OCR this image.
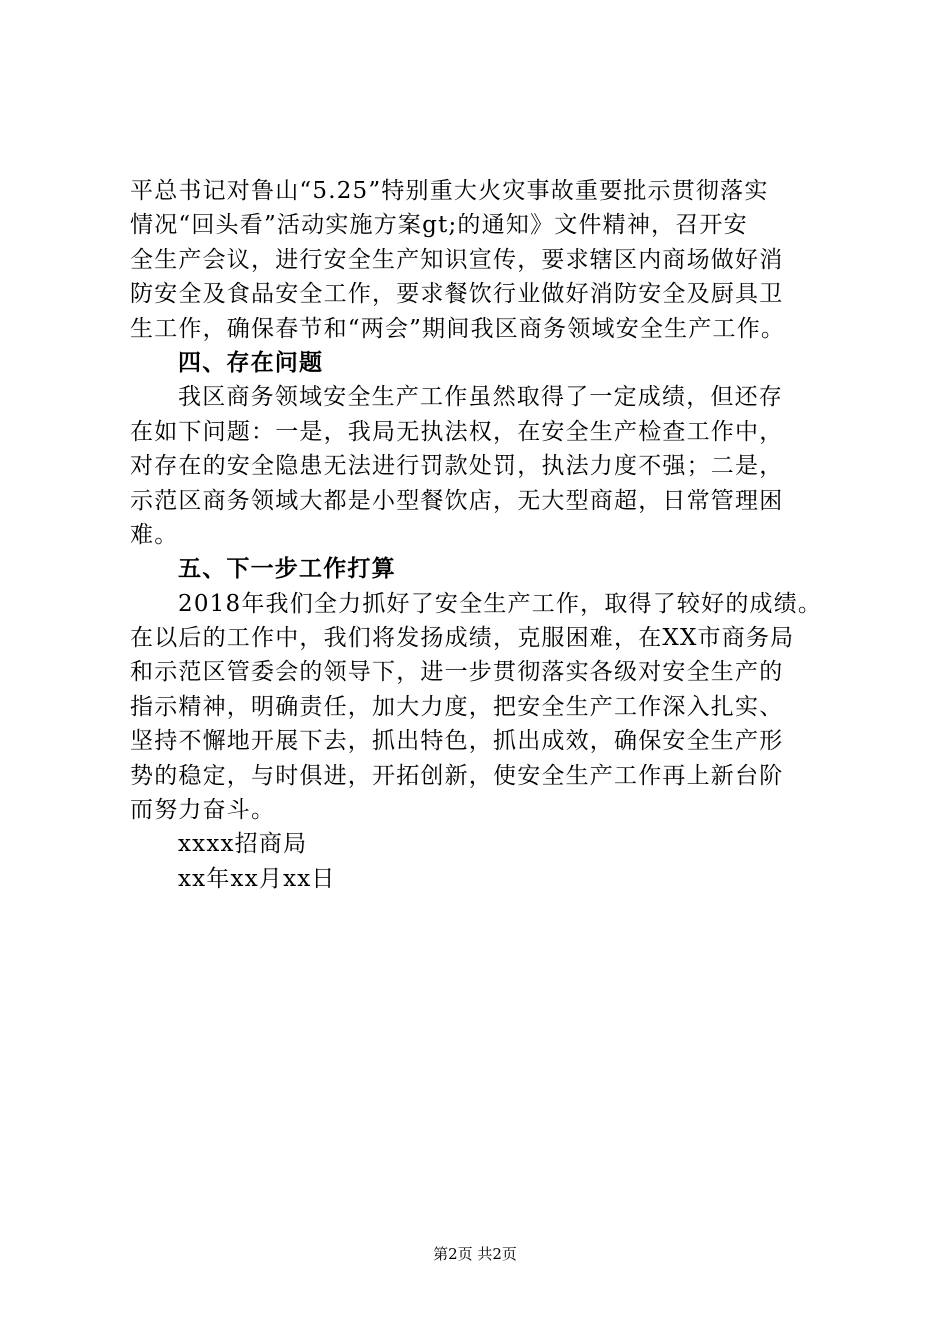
平总书记对鲁山“5.25”特别重大火灾事故重要批示贯彻落实
情况“回头看”活动实施方案gt;的通知》文件精神，召开安
全生产会议，进行安全生产知识宣传，要求辖区内商场做好消
防安全及食品安全工作，要求餐饮行业做好消防安全及厨具卫
生工作，确保春节和“两会”期间我区商务领域安全生产工作。
四、存在问题
我区商务领域安全生产工作虽然取得了一定成绩，但还存
在如下问题：一是，我局无执法权，在安全生产检查工作中，
对存在的安全隐患无法进行罚款处罚，执法力度不强；二是，
示范区商务领域大都是小型餐饮店，无大型商超，日常管理困
难。
五、下一步工作打算
2018年我们全力抓好了安全生产工作，取得了较好的成绩。
在以后的工作中，我们将发扬成绩，克服困难，在XX市商务局
和示范区管委会的领导下，进一步贯彻落实各级对安全生产的
指示精神，明确责任，加大力度，把安全生产工作深入扎实、
坚持不懈地开展下去，抓出特色，抓出成效，确保安全生产形
势的稳定，与时俱进，开拓创新，使安全生产工作再上新台阶
而努力奋斗。
xxxx招商局
xx年xx月xx日
第2页 共2页
